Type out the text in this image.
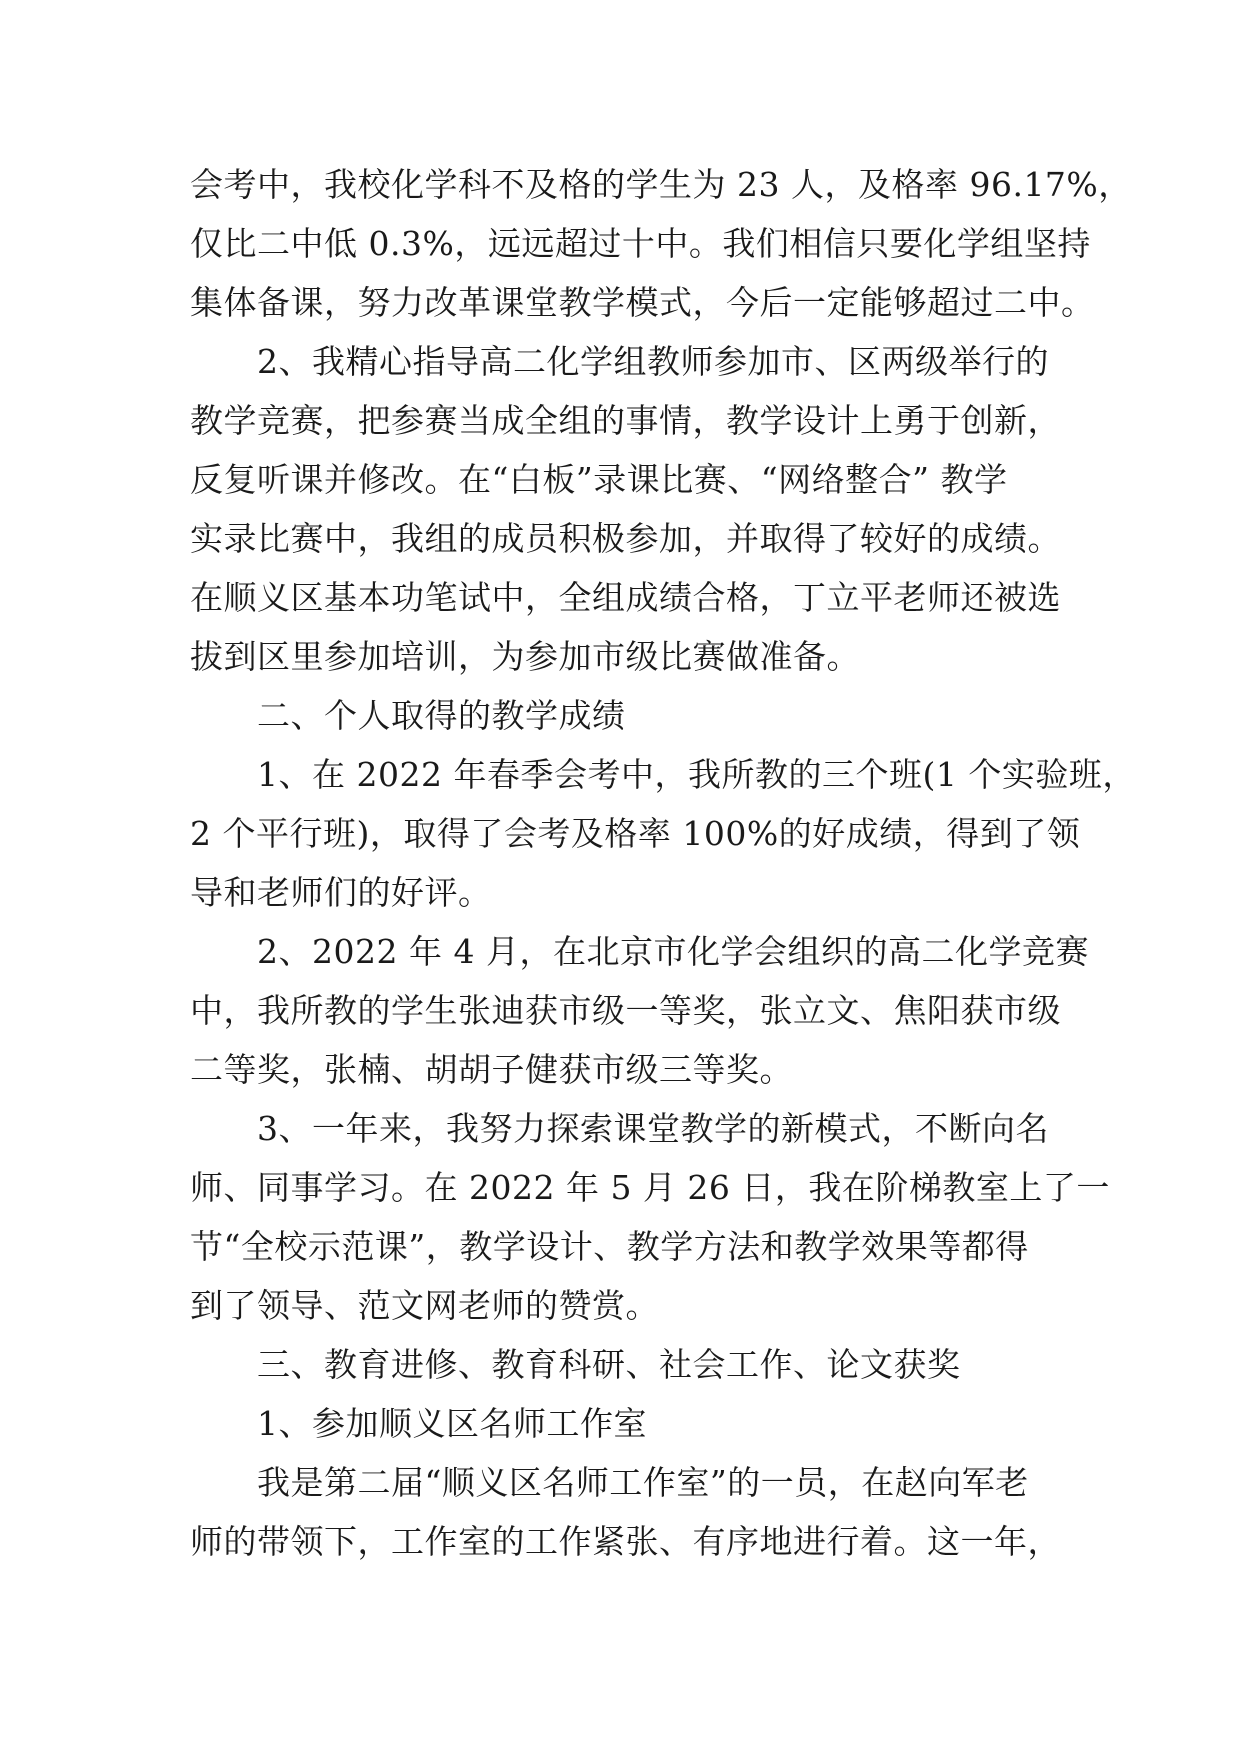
会考中，我校化学科不及格的学生为 23 人，及格率 96.17%，
仅比二中低 0.3%，远远超过十中。我们相信只要化学组坚持
集体备课，努力改革课堂教学模式，今后一定能够超过二中。
2、我精心指导高二化学组教师参加市、区两级举行的
教学竞赛，把参赛当成全组的事情，教学设计上勇于创新，
反复听课并修改。在“白板”录课比赛、“网络整合” 教学
实录比赛中，我组的成员积极参加，并取得了较好的成绩。
在顺义区基本功笔试中，全组成绩合格，丁立平老师还被选
拔到区里参加培训，为参加市级比赛做准备。
二、个人取得的教学成绩
1、在 2022 年春季会考中，我所教的三个班(1 个实验班，
2 个平行班)，取得了会考及格率 100%的好成绩，得到了领
导和老师们的好评。
2、2022 年 4 月，在北京市化学会组织的高二化学竞赛
中，我所教的学生张迪获市级一等奖，张立文、焦阳获市级
二等奖，张楠、胡胡子健获市级三等奖。
3、一年来，我努力探索课堂教学的新模式，不断向名
师、同事学习。在 2022 年 5 月 26 日，我在阶梯教室上了一
节“全校示范课”，教学设计、教学方法和教学效果等都得
到了领导、范文网老师的赞赏。
三、教育进修、教育科研、社会工作、论文获奖
1、参加顺义区名师工作室
我是第二届“顺义区名师工作室”的一员，在赵向军老
师的带领下，工作室的工作紧张、有序地进行着。这一年，
